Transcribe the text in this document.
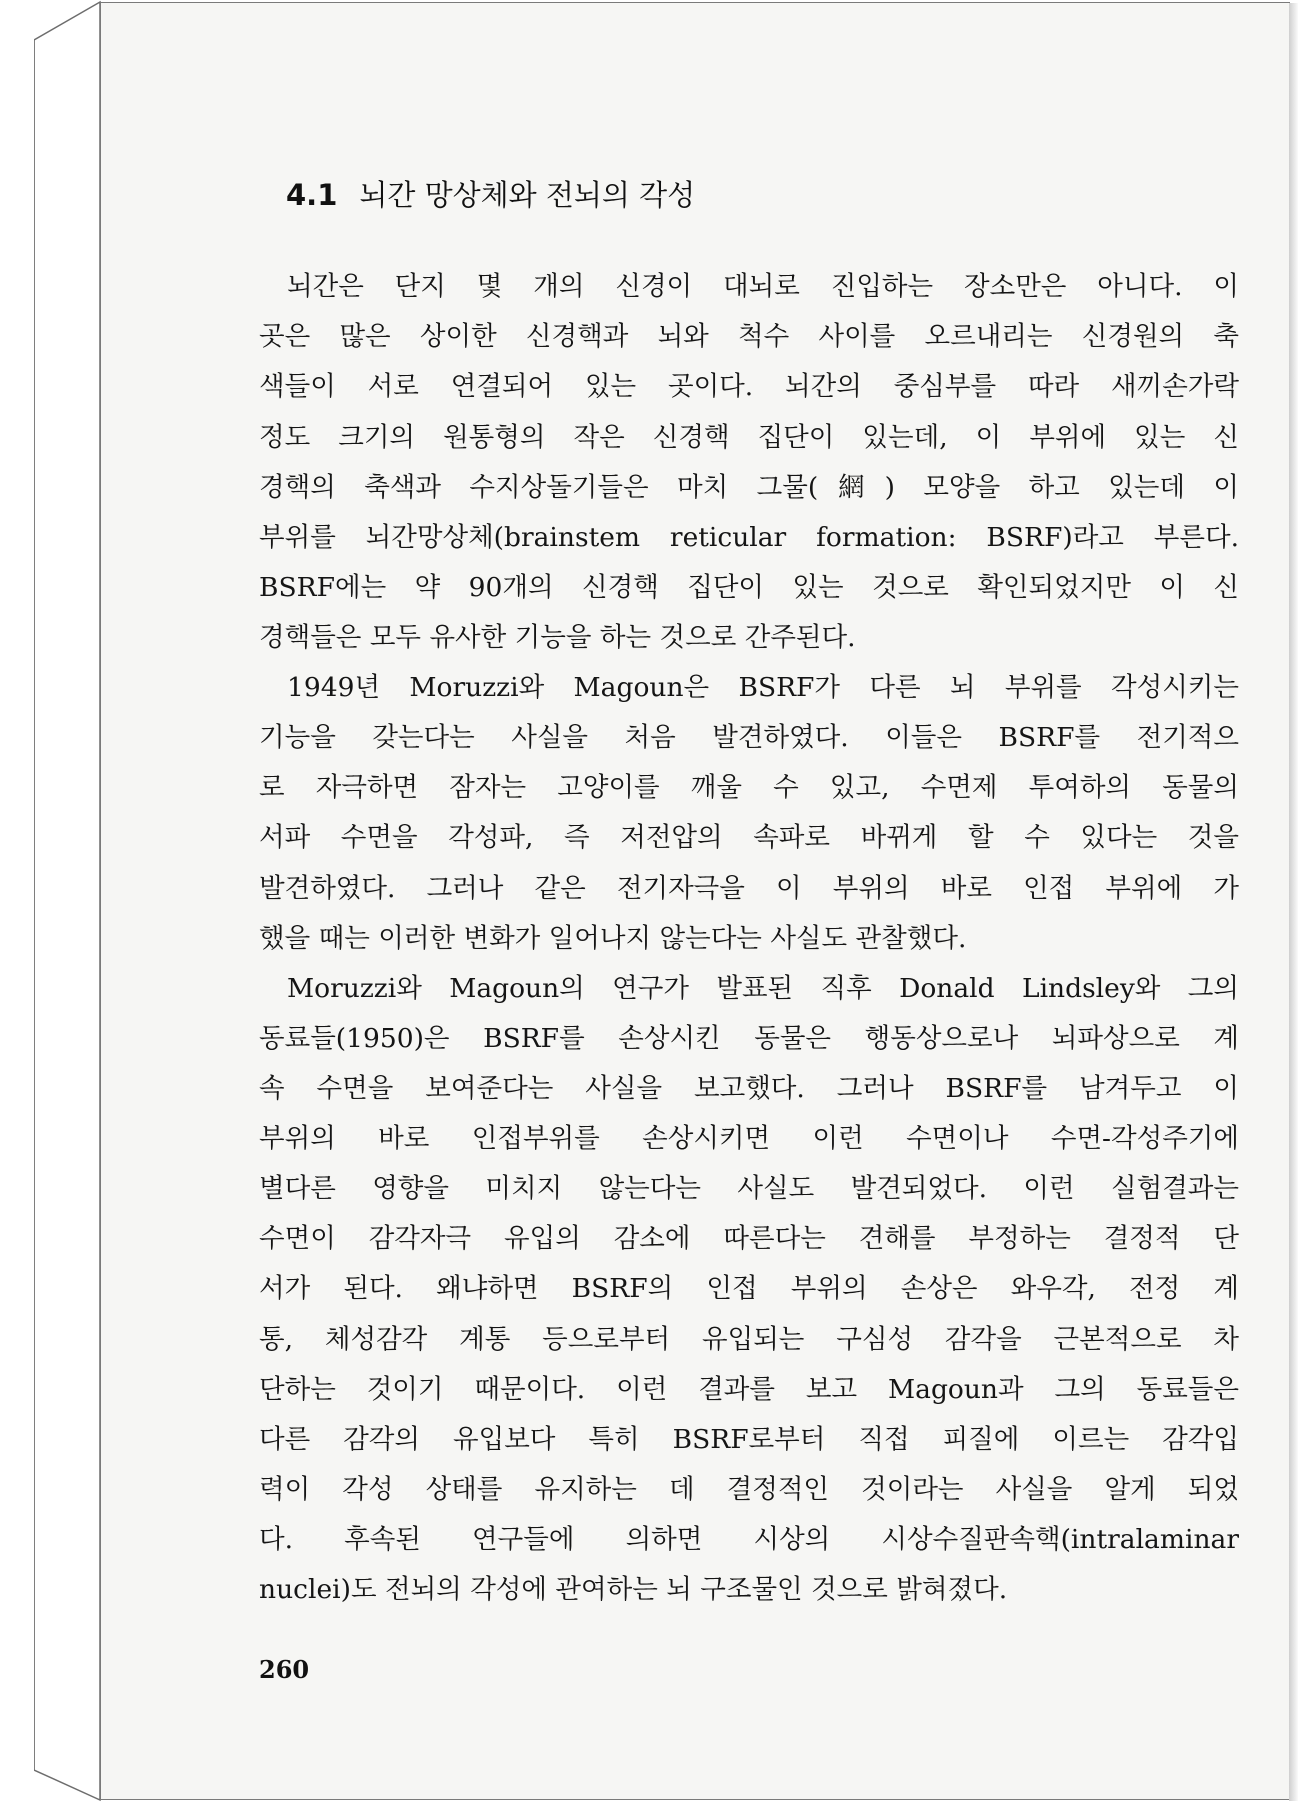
4.1 뇌간 망상체와 전뇌의 각성
뇌간은 단지 몇 개의 신경이 대뇌로 진입하는 장소만은 아니다. 이
곳은 많은 상이한 신경핵과 뇌와 척수 사이를 오르내리는 신경원의 축
색들이 서로 연결되어 있는 곳이다. 뇌간의 중심부를 따라 새끼손가락
정도 크기의 원통형의 작은 신경핵 집단이 있는데, 이 부위에 있는 신
경핵의 축색과 수지상돌기들은 마치 그물(網) 모양을 하고 있는데 이
부위를 뇌간망상체(brainstem reticular formation: BSRF)라고 부른다.
BSRF에는 약 90개의 신경핵 집단이 있는 것으로 확인되었지만 이 신
경핵들은 모두 유사한 기능을 하는 것으로 간주된다.
1949년 Moruzzi와 Magoun은 BSRF가 다른 뇌 부위를 각성시키는
기능을 갖는다는 사실을 처음 발견하였다. 이들은 BSRF를 전기적으
로 자극하면 잠자는 고양이를 깨울 수 있고, 수면제 투여하의 동물의
서파 수면을 각성파, 즉 저전압의 속파로 바뀌게 할 수 있다는 것을
발견하였다. 그러나 같은 전기자극을 이 부위의 바로 인접 부위에 가
했을 때는 이러한 변화가 일어나지 않는다는 사실도 관찰했다.
Moruzzi와 Magoun의 연구가 발표된 직후 Donald Lindsley와 그의
동료들(1950)은 BSRF를 손상시킨 동물은 행동상으로나 뇌파상으로 계
속 수면을 보여준다는 사실을 보고했다. 그러나 BSRF를 남겨두고 이
부위의 바로 인접부위를 손상시키면 이런 수면이나 수면-각성주기에
별다른 영향을 미치지 않는다는 사실도 발견되었다. 이런 실험결과는
수면이 감각자극 유입의 감소에 따른다는 견해를 부정하는 결정적 단
서가 된다. 왜냐하면 BSRF의 인접 부위의 손상은 와우각, 전정 계
통, 체성감각 계통 등으로부터 유입되는 구심성 감각을 근본적으로 차
단하는 것이기 때문이다. 이런 결과를 보고 Magoun과 그의 동료들은
다른 감각의 유입보다 특히 BSRF로부터 직접 피질에 이르는 감각입
력이 각성 상태를 유지하는 데 결정적인 것이라는 사실을 알게 되었
다. 후속된 연구들에 의하면 시상의 시상수질판속핵(intralaminar
nuclei)도 전뇌의 각성에 관여하는 뇌 구조물인 것으로 밝혀졌다.
260
